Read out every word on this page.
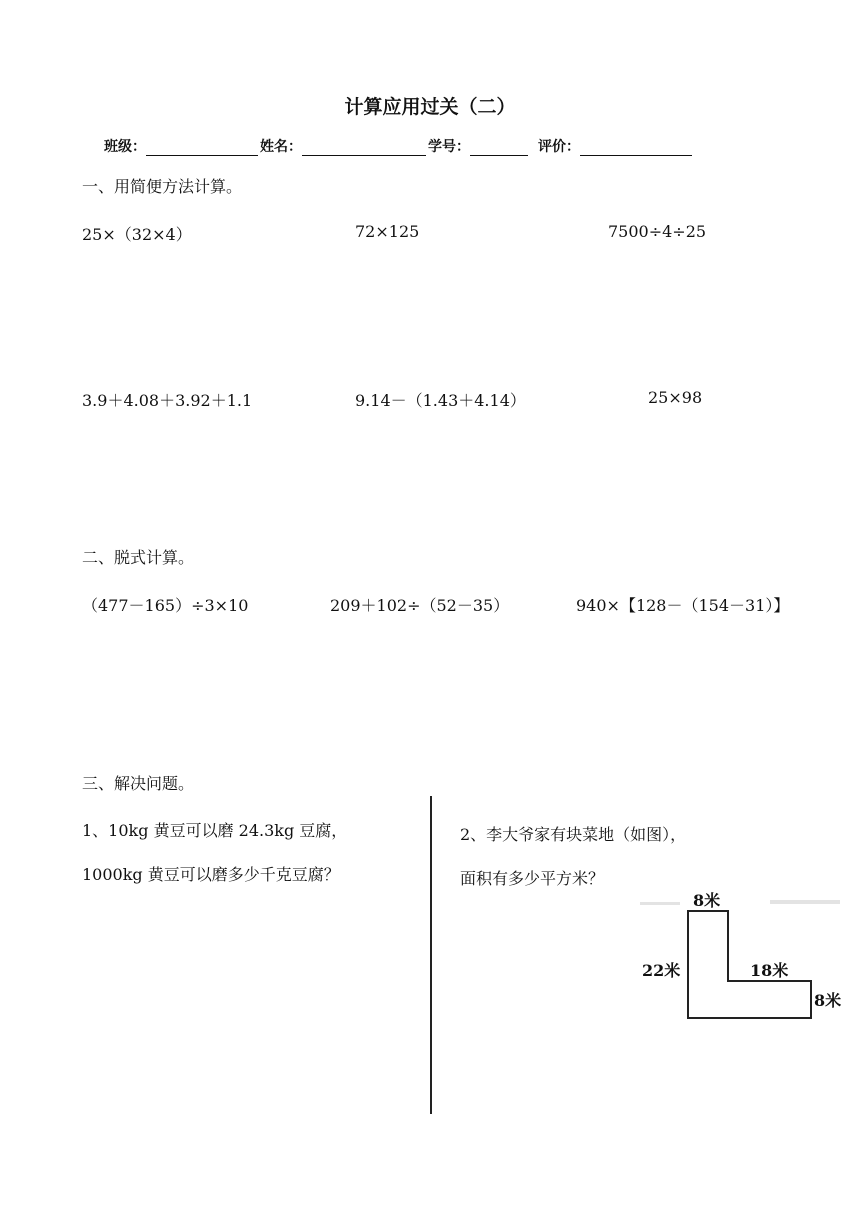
计算应用过关（二）
班级：	姓名：	学号：	评价：
一、用简便方法计算。
25×（32×4）	72×125	7500÷4÷25
3.9＋4.08＋3.92＋1.1	9.14－（1.43＋4.14）	25×98
二、脱式计算。
（477－165）÷3×10	209＋102÷（52－35）	940×【128－（154－31）】
三、解决问题。
1、10kg 黄豆可以磨 24.3kg 豆腐，
1000kg 黄豆可以磨多少千克豆腐？
2、李大爷家有块菜地（如图），
面积有多少平方米？
8米
22米	18米
8米
